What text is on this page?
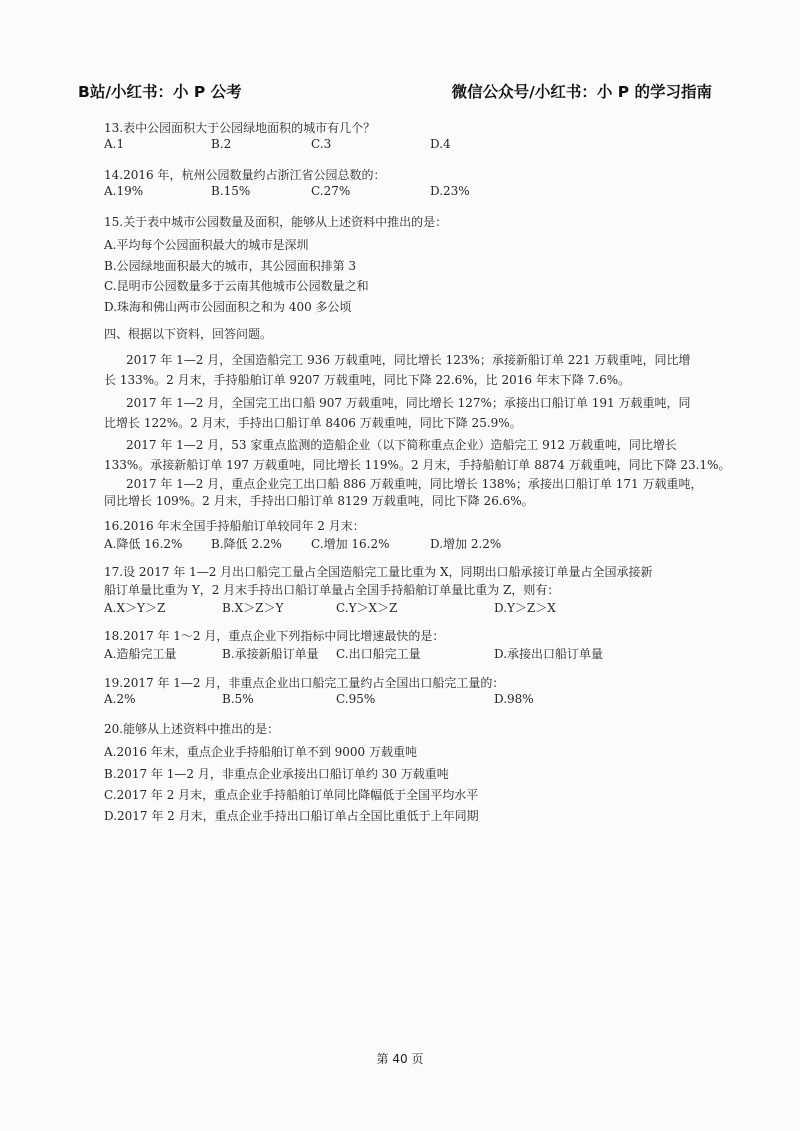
B站/小红书：小 P 公考	微信公众号/小红书：小 P 的学习指南
13.表中公园面积大于公园绿地面积的城市有几个？
A.1	B.2	C.3	D.4
14.2016 年，杭州公园数量约占浙江省公园总数的：
A.19%	B.15%	C.27%	D.23%
15.关于表中城市公园数量及面积，能够从上述资料中推出的是：
A.平均每个公园面积最大的城市是深圳
B.公园绿地面积最大的城市，其公园面积排第 3
C.昆明市公园数量多于云南其他城市公园数量之和
D.珠海和佛山两市公园面积之和为 400 多公顷
四、根据以下资料，回答问题。
2017 年 1—2 月，全国造船完工 936 万载重吨，同比增长 123%；承接新船订单 221 万载重吨，同比增
长 133%。2 月末，手持船舶订单 9207 万载重吨，同比下降 22.6%，比 2016 年末下降 7.6%。
2017 年 1—2 月，全国完工出口船 907 万载重吨，同比增长 127%；承接出口船订单 191 万载重吨，同
比增长 122%。2 月末，手持出口船订单 8406 万载重吨，同比下降 25.9%。
2017 年 1—2 月，53 家重点监测的造船企业（以下简称重点企业）造船完工 912 万载重吨，同比增长
133%。承接新船订单 197 万载重吨，同比增长 119%。2 月末，手持船舶订单 8874 万载重吨，同比下降 23.1%。
2017 年 1—2 月，重点企业完工出口船 886 万载重吨，同比增长 138%；承接出口船订单 171 万载重吨，
同比增长 109%。2 月末，手持出口船订单 8129 万载重吨，同比下降 26.6%。
16.2016 年末全国手持船舶订单较同年 2 月末：
A.降低 16.2% B.降低 2.2% C.增加 16.2%	D.增加 2.2%
17.设 2017 年 1—2 月出口船完工量占全国造船完工量比重为 X，同期出口船承接订单量占全国承接新
船订单量比重为 Y，2 月末手持出口船订单量占全国手持船舶订单量比重为 Z，则有：
A.X＞Y＞Z	B.X＞Z＞Y	C.Y＞X＞Z	D.Y＞Z＞X
18.2017 年 1～2 月，重点企业下列指标中同比增速最快的是：
A.造船完工量	B.承接新船订单量 C.出口船完工量	D.承接出口船订单量
19.2017 年 1—2 月，非重点企业出口船完工量约占全国出口船完工量的：
A.2%	B.5%	C.95%	D.98%
20.能够从上述资料中推出的是：
A.2016 年末，重点企业手持船舶订单不到 9000 万载重吨
B.2017 年 1—2 月，非重点企业承接出口船订单约 30 万载重吨
C.2017 年 2 月末，重点企业手持船舶订单同比降幅低于全国平均水平
D.2017 年 2 月末，重点企业手持出口船订单占全国比重低于上年同期
第 40 页
